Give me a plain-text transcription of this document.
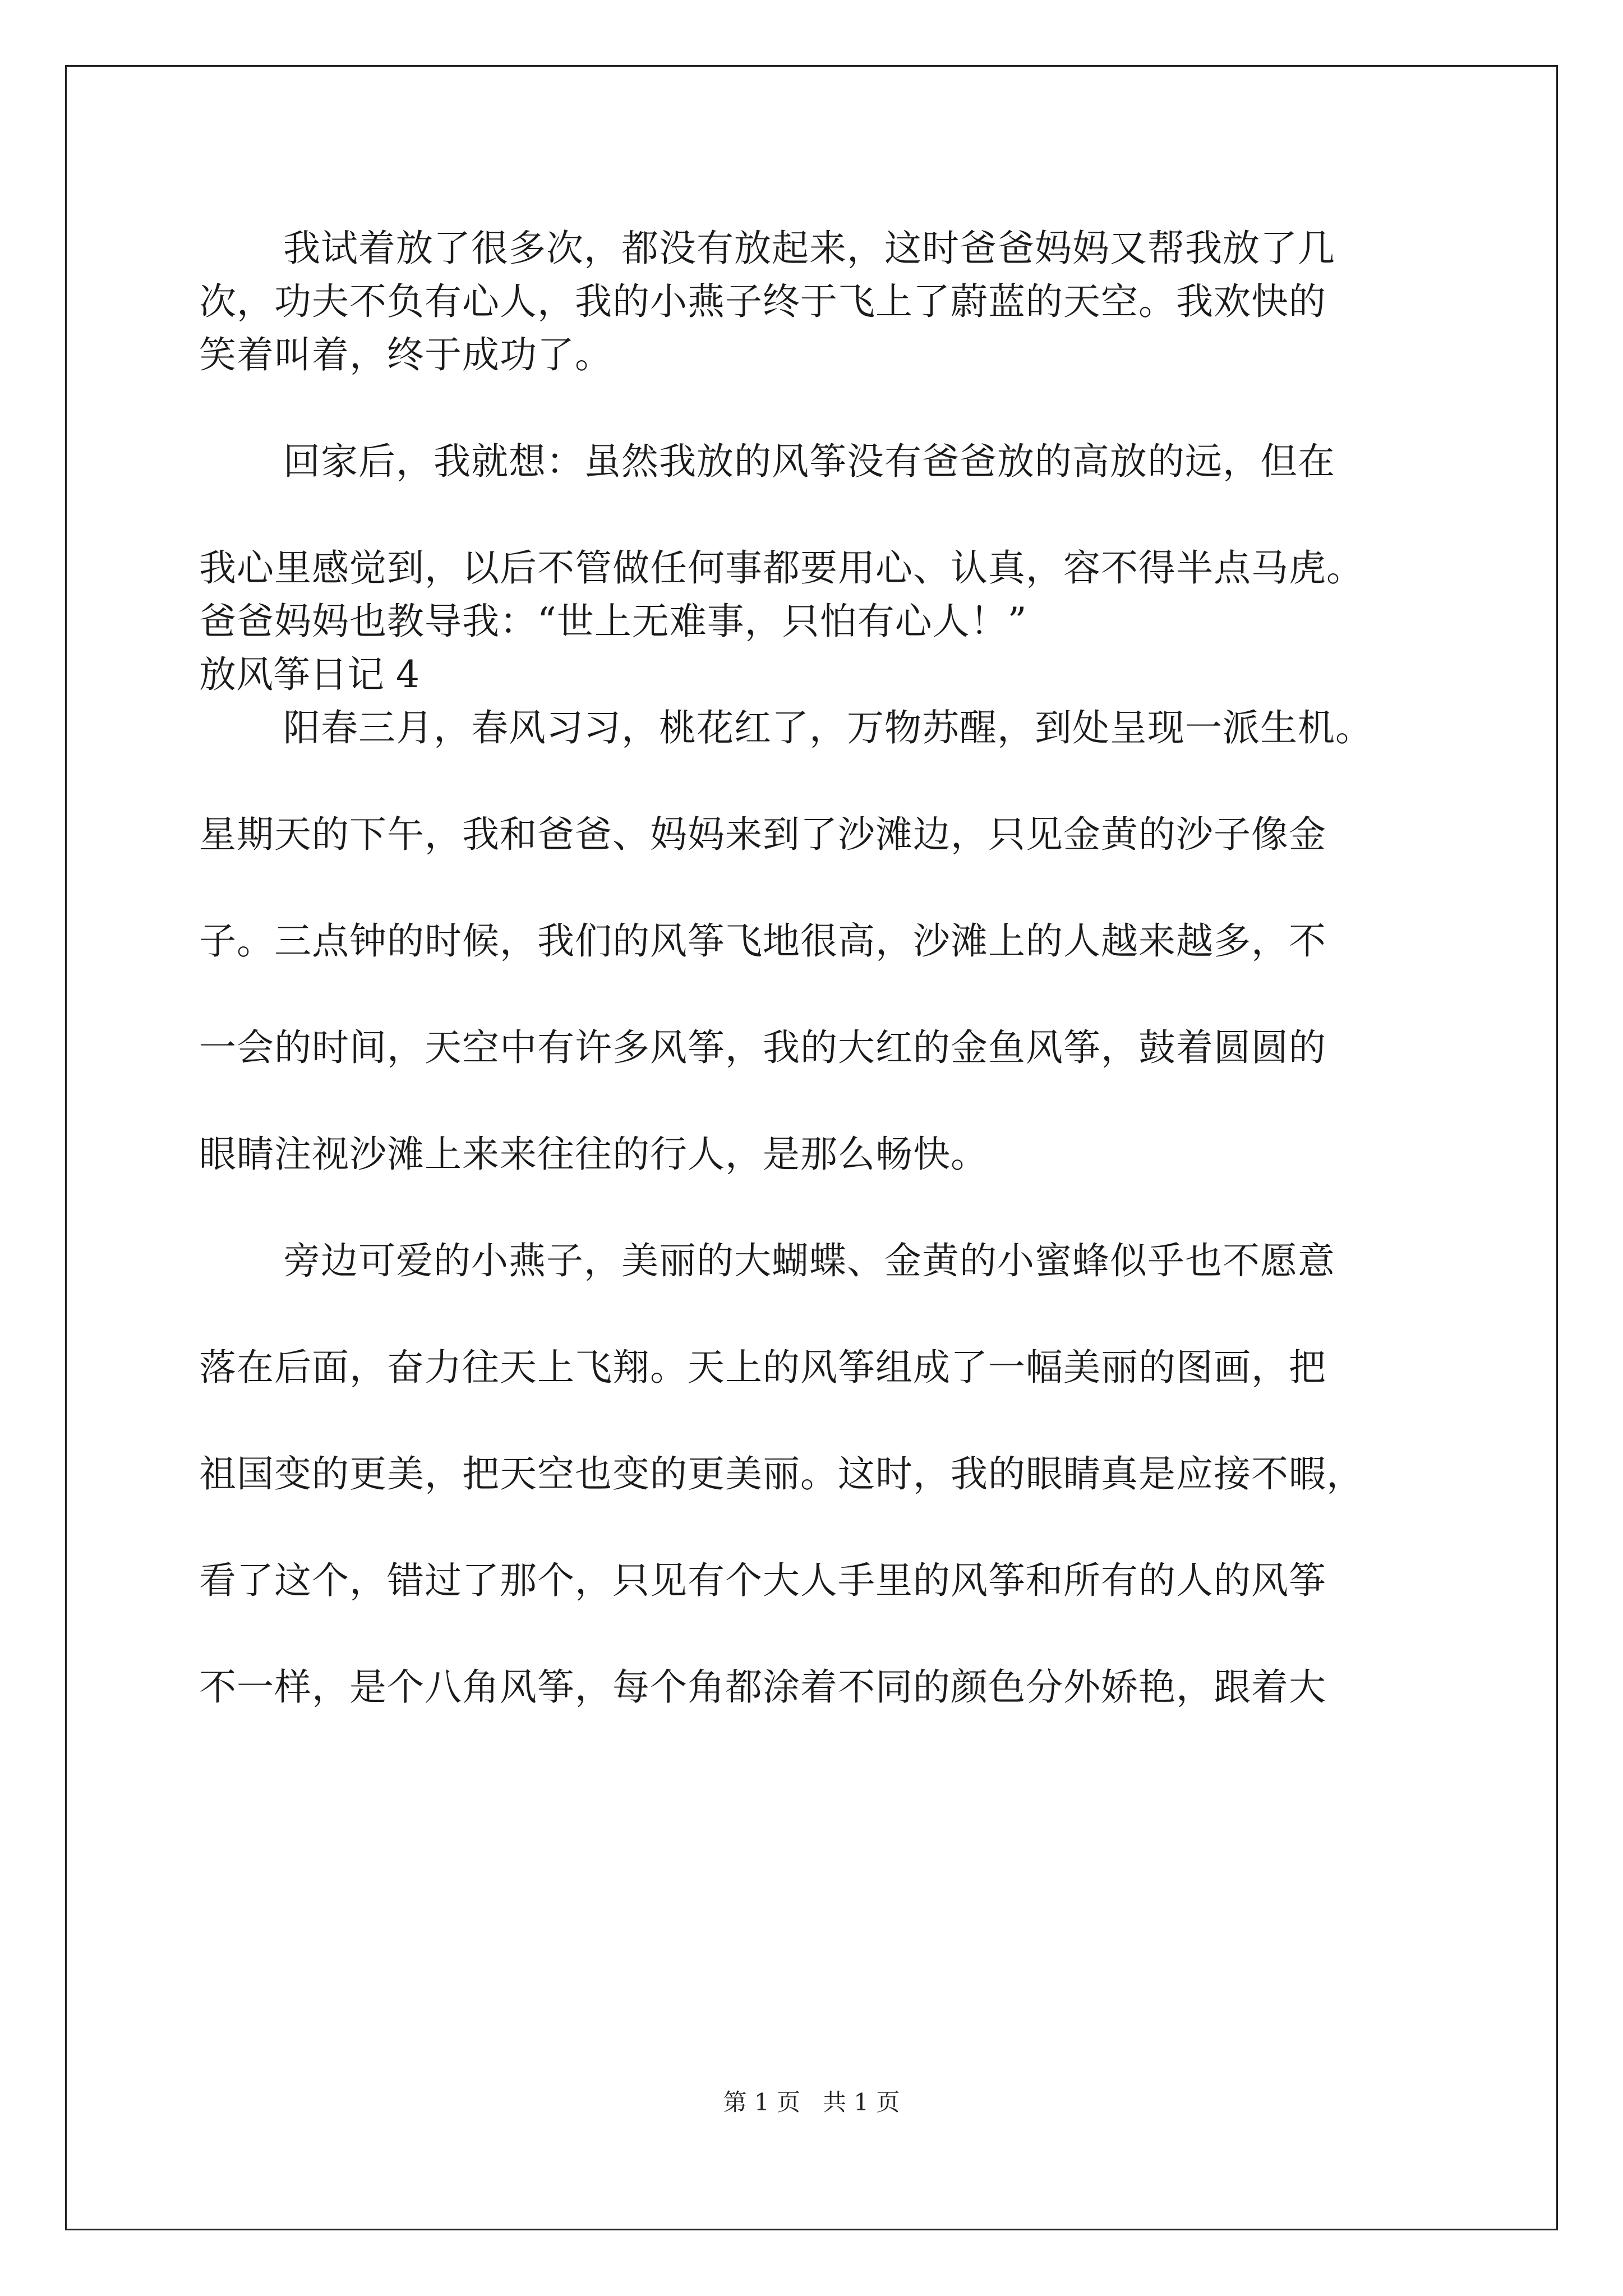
我试着放了很多次，都没有放起来，这时爸爸妈妈又帮我放了几
次，功夫不负有心人，我的小燕子终于飞上了蔚蓝的天空。我欢快的
笑着叫着，终于成功了。
回家后，我就想：虽然我放的风筝没有爸爸放的高放的远，但在
我心里感觉到，以后不管做任何事都要用心、认真，容不得半点马虎。
爸爸妈妈也教导我：“世上无难事，只怕有心人！”
放风筝日记 4
阳春三月，春风习习，桃花红了，万物苏醒，到处呈现一派生机。
星期天的下午，我和爸爸、妈妈来到了沙滩边，只见金黄的沙子像金
子。三点钟的时候，我们的风筝飞地很高，沙滩上的人越来越多，不
一会的时间，天空中有许多风筝，我的大红的金鱼风筝，鼓着圆圆的
眼睛注视沙滩上来来往往的行人，是那么畅快。
旁边可爱的小燕子，美丽的大蝴蝶、金黄的小蜜蜂似乎也不愿意
落在后面，奋力往天上飞翔。天上的风筝组成了一幅美丽的图画，把
祖国变的更美，把天空也变的更美丽。这时，我的眼睛真是应接不暇，
看了这个，错过了那个，只见有个大人手里的风筝和所有的人的风筝
不一样，是个八角风筝，每个角都涂着不同的颜色分外娇艳，跟着大
第 1 页 共 1 页
